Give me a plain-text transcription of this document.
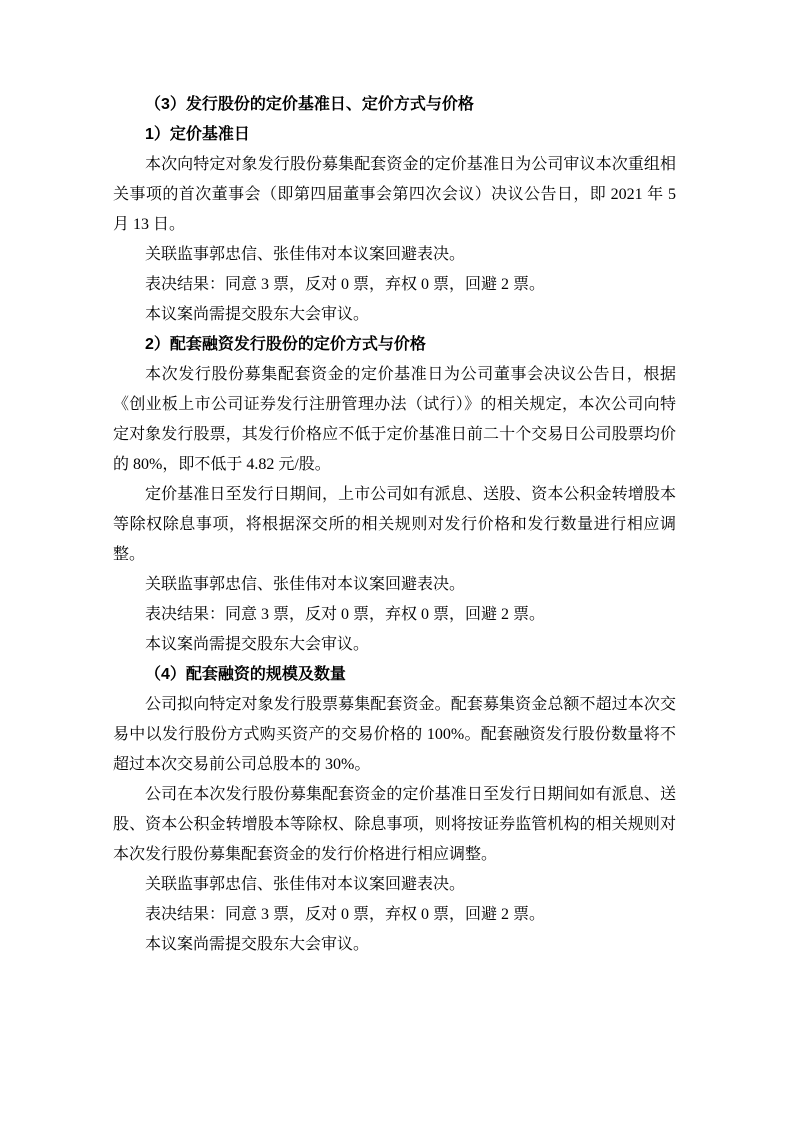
（3）发行股份的定价基准日、定价方式与价格

1）定价基准日

本次向特定对象发行股份募集配套资金的定价基准日为公司审议本次重组相关事项的首次董事会（即第四届董事会第四次会议）决议公告日，即 2021 年 5 月 13 日。

关联监事郭忠信、张佳伟对本议案回避表决。

表决结果：同意 3 票，反对 0 票，弃权 0 票，回避 2 票。

本议案尚需提交股东大会审议。

2）配套融资发行股份的定价方式与价格

本次发行股份募集配套资金的定价基准日为公司董事会决议公告日，根据《创业板上市公司证券发行注册管理办法（试行）》的相关规定，本次公司向特定对象发行股票，其发行价格应不低于定价基准日前二十个交易日公司股票均价的 80%，即不低于 4.82 元/股。

定价基准日至发行日期间，上市公司如有派息、送股、资本公积金转增股本等除权除息事项，将根据深交所的相关规则对发行价格和发行数量进行相应调整。

关联监事郭忠信、张佳伟对本议案回避表决。

表决结果：同意 3 票，反对 0 票，弃权 0 票，回避 2 票。

本议案尚需提交股东大会审议。

（4）配套融资的规模及数量

公司拟向特定对象发行股票募集配套资金。配套募集资金总额不超过本次交易中以发行股份方式购买资产的交易价格的 100%。配套融资发行股份数量将不超过本次交易前公司总股本的 30%。

公司在本次发行股份募集配套资金的定价基准日至发行日期间如有派息、送股、资本公积金转增股本等除权、除息事项，则将按证券监管机构的相关规则对本次发行股份募集配套资金的发行价格进行相应调整。

关联监事郭忠信、张佳伟对本议案回避表决。

表决结果：同意 3 票，反对 0 票，弃权 0 票，回避 2 票。

本议案尚需提交股东大会审议。
